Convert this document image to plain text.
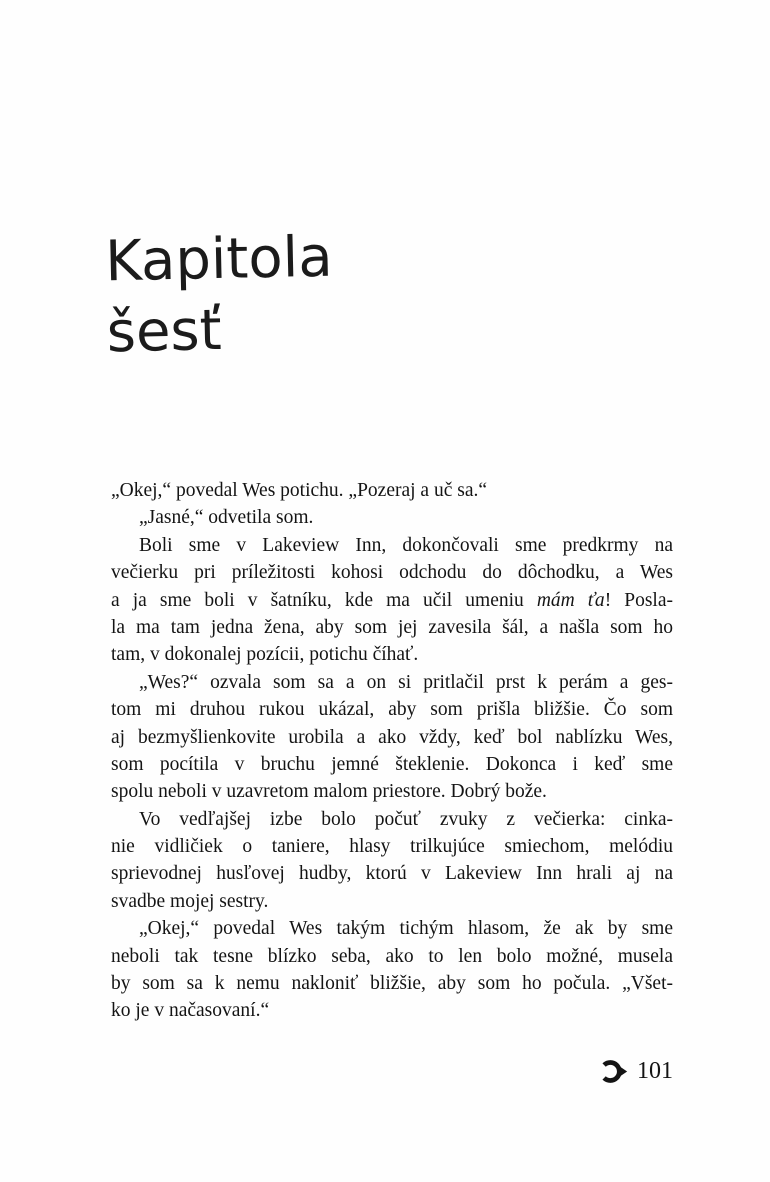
Kapitola
šesť
„Okej,“ povedal Wes potichu. „Pozeraj a uč sa.“
„Jasné,“ odvetila som.
Boli sme v Lakeview Inn, dokončovali sme predkrmy na
večierku pri príležitosti kohosi odchodu do dôchodku, a Wes
a ja sme boli v šatníku, kde ma učil umeniu mám ťa! Posla-
la ma tam jedna žena, aby som jej zavesila šál, a našla som ho
tam, v dokonalej pozícii, potichu číhať.
„Wes?“ ozvala som sa a on si pritlačil prst k perám a ges-
tom mi druhou rukou ukázal, aby som prišla bližšie. Čo som
aj bezmyšlienkovite urobila a ako vždy, keď bol nablízku Wes,
som pocítila v bruchu jemné šteklenie. Dokonca i keď sme
spolu neboli v uzavretom malom priestore. Dobrý bože.
Vo vedľajšej izbe bolo počuť zvuky z večierka: cinka-
nie vidličiek o taniere, hlasy trilkujúce smiechom, melódiu
sprievodnej husľovej hudby, ktorú v Lakeview Inn hrali aj na
svadbe mojej sestry.
„Okej,“ povedal Wes takým tichým hlasom, že ak by sme
neboli tak tesne blízko seba, ako to len bolo možné, musela
by som sa k nemu nakloniť bližšie, aby som ho počula. „Všet-
ko je v načasovaní.“
101
